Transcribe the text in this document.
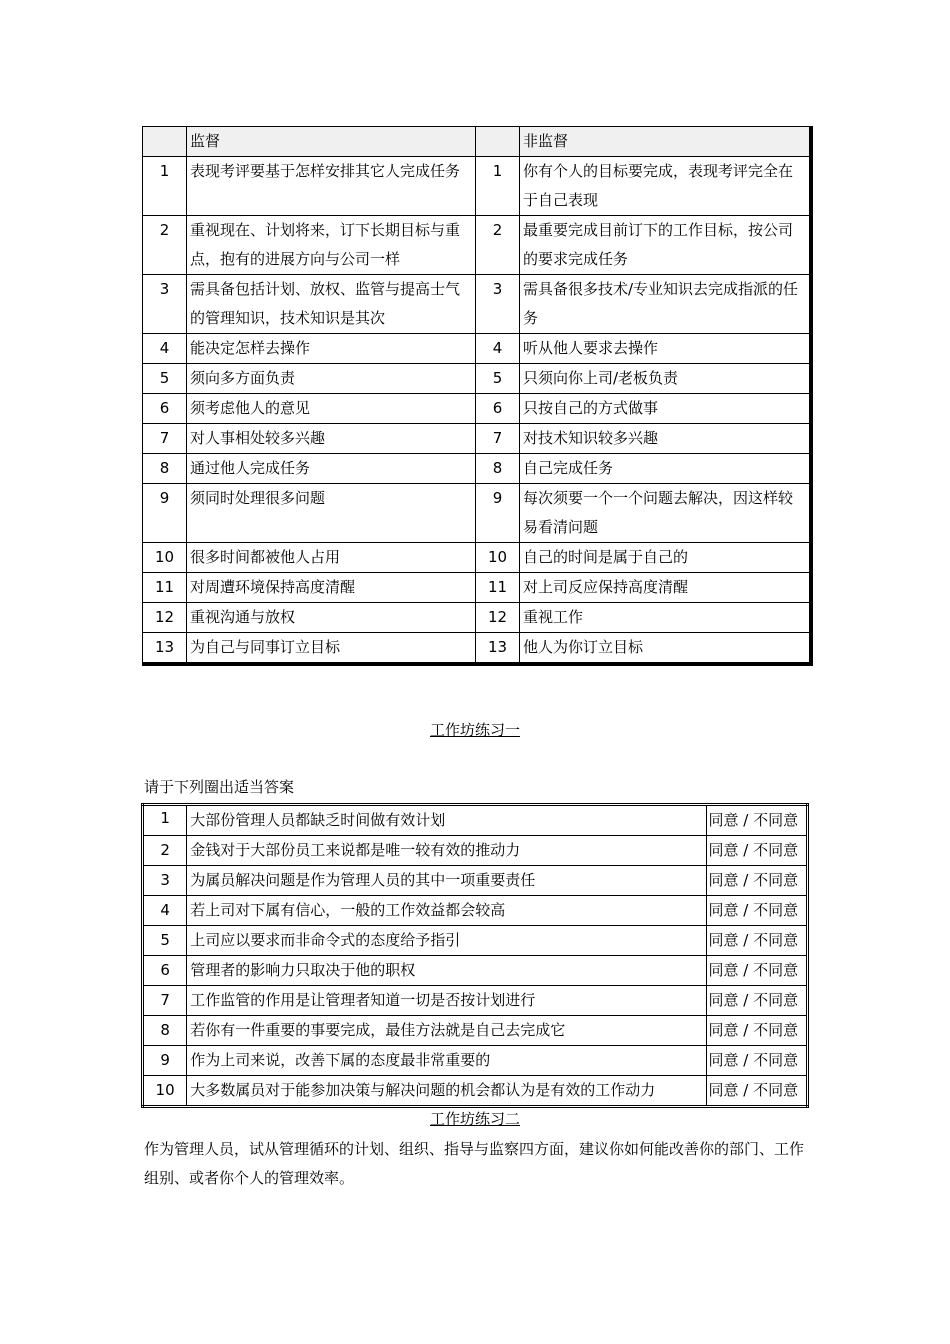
	监督		非监督
1	表现考评要基于怎样安排其它人完成任务	1	你有个人的目标要完成，表现考评完全在于自己表现
2	重视现在、计划将来，订下长期目标与重点，抱有的进展方向与公司一样	2	最重要完成目前订下的工作目标，按公司的要求完成任务
3	需具备包括计划、放权、监管与提高士气的管理知识，技术知识是其次	3	需具备很多技术/专业知识去完成指派的任务
4	能决定怎样去操作	4	听从他人要求去操作
5	须向多方面负责	5	只须向你上司/老板负责
6	须考虑他人的意见	6	只按自己的方式做事
7	对人事相处较多兴趣	7	对技术知识较多兴趣
8	通过他人完成任务	8	自己完成任务
9	须同时处理很多问题	9	每次须要一个一个问题去解决，因这样较易看清问题
10	很多时间都被他人占用	10	自己的时间是属于自己的
11	对周遭环境保持高度清醒	11	对上司反应保持高度清醒
12	重视沟通与放权	12	重视工作
13	为自己与同事订立目标	13	他人为你订立目标
工作坊练习一
请于下列圈出适当答案
1	大部份管理人员都缺乏时间做有效计划	同意 / 不同意
2	金钱对于大部份员工来说都是唯一较有效的推动力	同意 / 不同意
3	为属员解决问题是作为管理人员的其中一项重要责任	同意 / 不同意
4	若上司对下属有信心，一般的工作效益都会较高	同意 / 不同意
5	上司应以要求而非命令式的态度给予指引	同意 / 不同意
6	管理者的影响力只取决于他的职权	同意 / 不同意
7	工作监管的作用是让管理者知道一切是否按计划进行	同意 / 不同意
8	若你有一件重要的事要完成，最佳方法就是自己去完成它	同意 / 不同意
9	作为上司来说，改善下属的态度最非常重要的	同意 / 不同意
10	大多数属员对于能参加决策与解决问题的机会都认为是有效的工作动力	同意 / 不同意
工作坊练习二
作为管理人员，试从管理循环的计划、组织、指导与监察四方面，建议你如何能改善你的部门、工作组别、或者你个人的管理效率。
